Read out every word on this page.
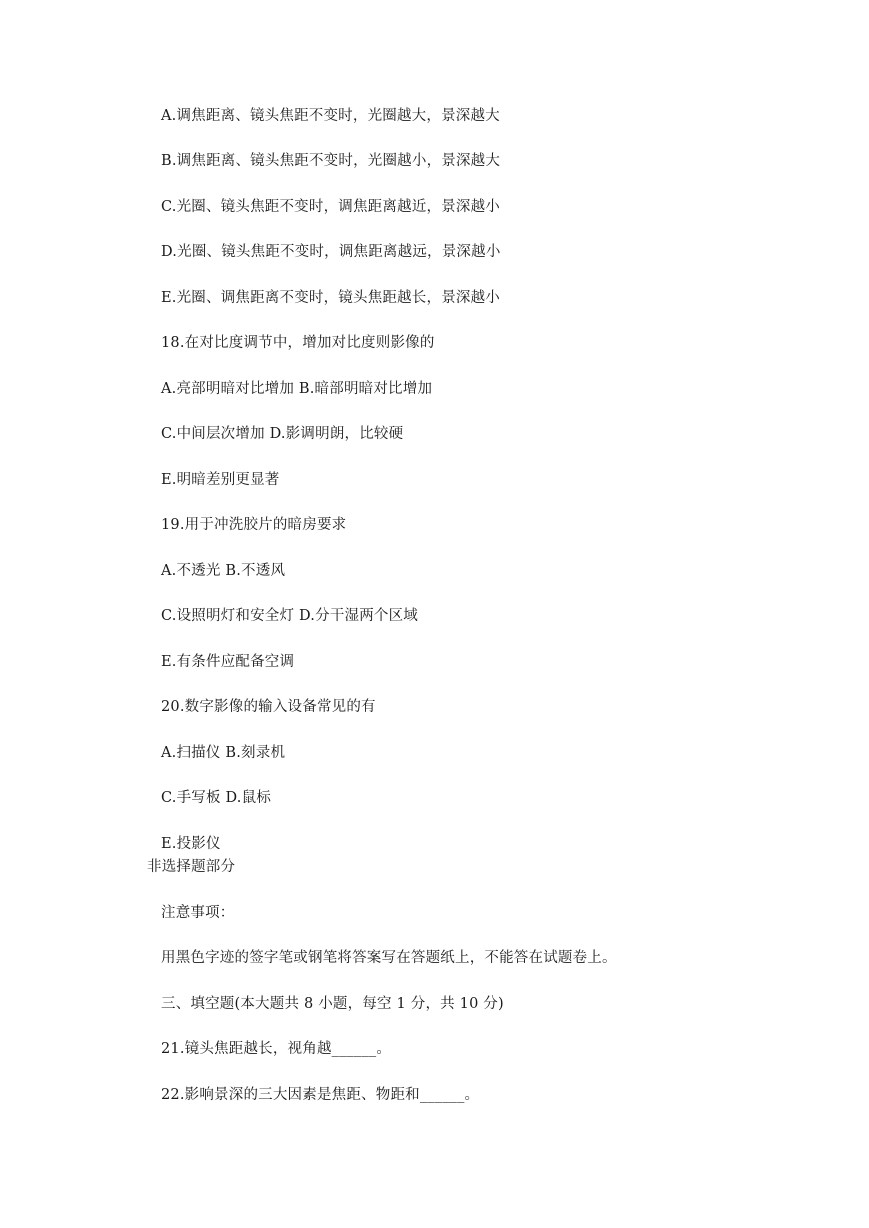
A.调焦距离、镜头焦距不变时，光圈越大，景深越大
B.调焦距离、镜头焦距不变时，光圈越小，景深越大
C.光圈、镜头焦距不变时，调焦距离越近，景深越小
D.光圈、镜头焦距不变时，调焦距离越远，景深越小
E.光圈、调焦距离不变时，镜头焦距越长，景深越小
18.在对比度调节中，增加对比度则影像的
A.亮部明暗对比增加 B.暗部明暗对比增加
C.中间层次增加 D.影调明朗，比较硬
E.明暗差别更显著
19.用于冲洗胶片的暗房要求
A.不透光 B.不透风
C.设照明灯和安全灯 D.分干湿两个区域
E.有条件应配备空调
20.数字影像的输入设备常见的有
A.扫描仪 B.刻录机
C.手写板 D.鼠标
E.投影仪
非选择题部分
注意事项：
用黑色字迹的签字笔或钢笔将答案写在答题纸上，不能答在试题卷上。
三、填空题(本大题共 8 小题，每空 1 分，共 10 分)
21.镜头焦距越长，视角越______。
22.影响景深的三大因素是焦距、物距和______。
